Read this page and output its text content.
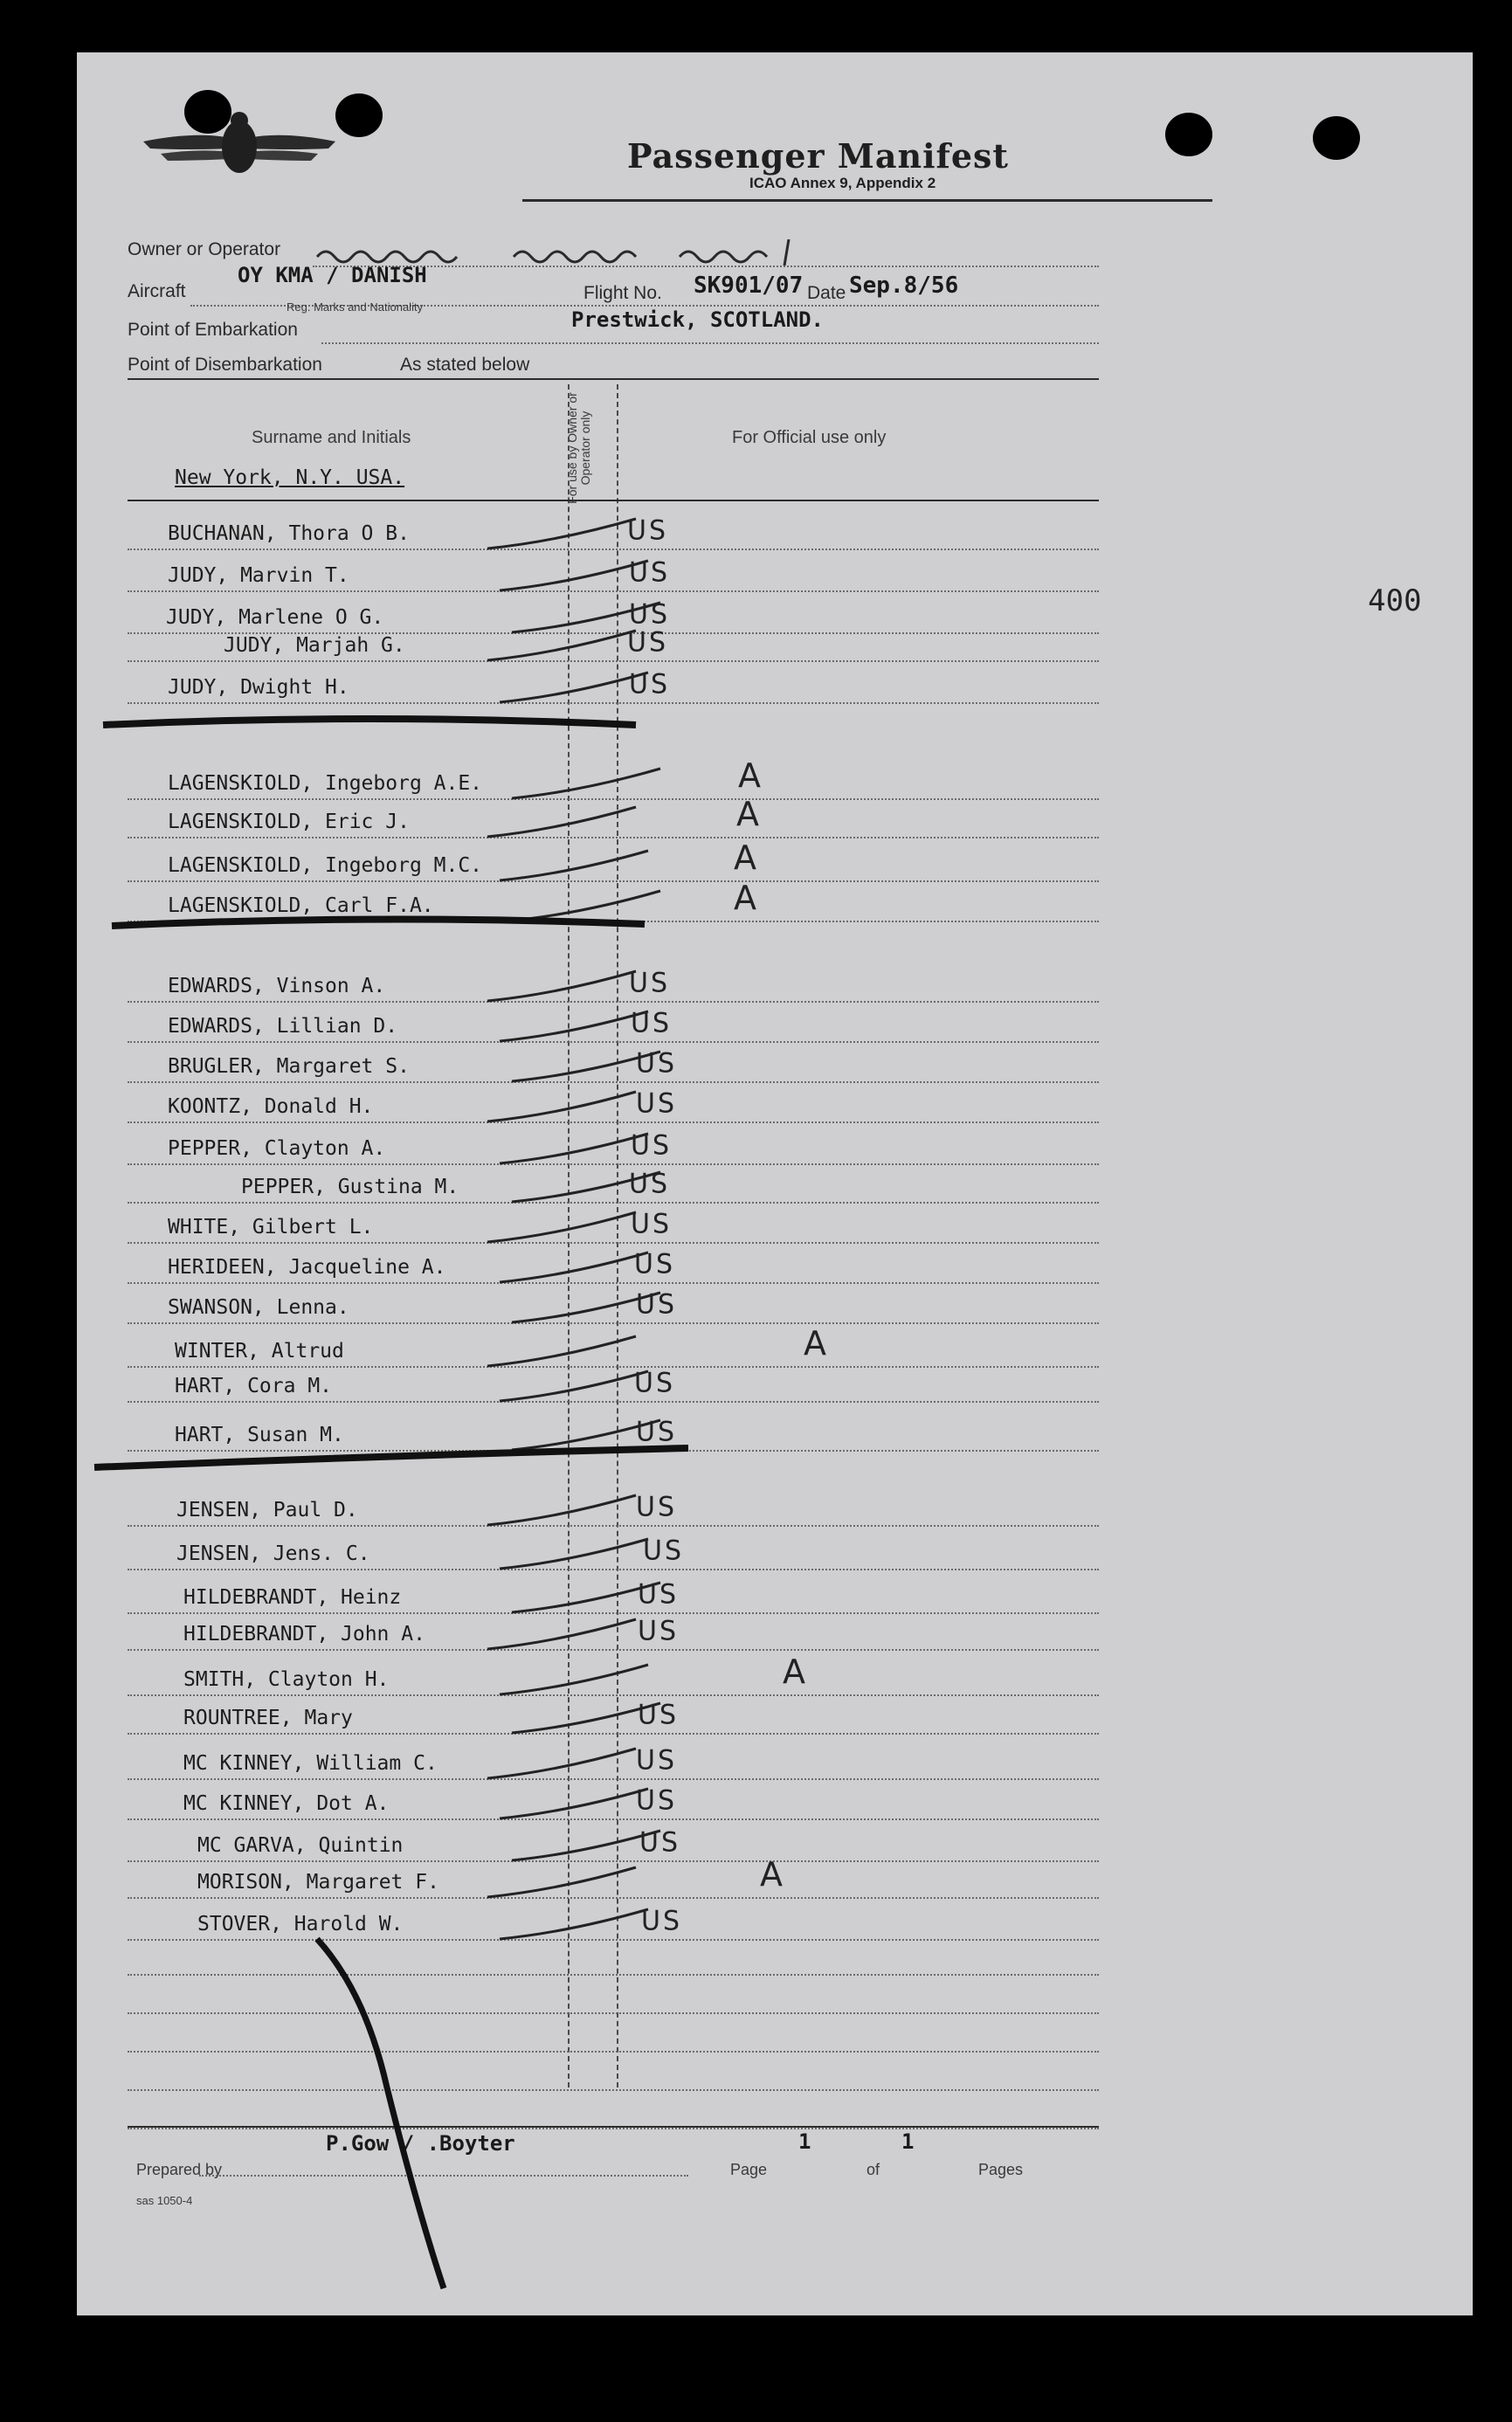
Passenger Manifest
ICAO Annex 9, Appendix 2
Owner or Operator
OY KMA / DANISH
Aircraft	Flight No. SK901/07 Date Sep.8/56
Reg. Marks and Nationality
Prestwick, SCOTLAND.
Point of Embarkation
Point of Disembarkation	As stated below
Surname and Initials	For use by Owner or Operator only	For Official use only
New York, N.Y. USA.
BUCHANAN, Thora O B.	US
JUDY, Marvin T.	US
JUDY, Marlene O G.	US
JUDY, Marjah G.	US
JUDY, Dwight H.	US
LAGENSKIOLD, Ingeborg A.E.	A
LAGENSKIOLD, Eric J.	A
LAGENSKIOLD, Ingeborg M.C.	A
LAGENSKIOLD, Carl F.A.	A
EDWARDS, Vinson A.	US
EDWARDS, Lillian D.	US
BRUGLER, Margaret S.	US
KOONTZ, Donald H.	US
PEPPER, Clayton A.	US
PEPPER, Gustina M.	US
WHITE, Gilbert L.	US
HERIDEEN, Jacqueline A.	US
SWANSON, Lenna.	US
WINTER, Altrud	A
HART, Cora M.	US
HART, Susan M.	US
JENSEN, Paul D.	US
JENSEN, Jens. C.	US
HILDEBRANDT, Heinz	US
HILDEBRANDT, John A.	US
SMITH, Clayton H.	A
ROUNTREE, Mary	US
MC KINNEY, William C.	US
MC KINNEY, Dot A.	US
MC GARVA, Quintin	US
MORISON, Margaret F.	A
STOVER, Harold W.	US
400
P.Gow / .Boyter
Prepared by
1
Page	of
1
Pages
sas 1050-4
